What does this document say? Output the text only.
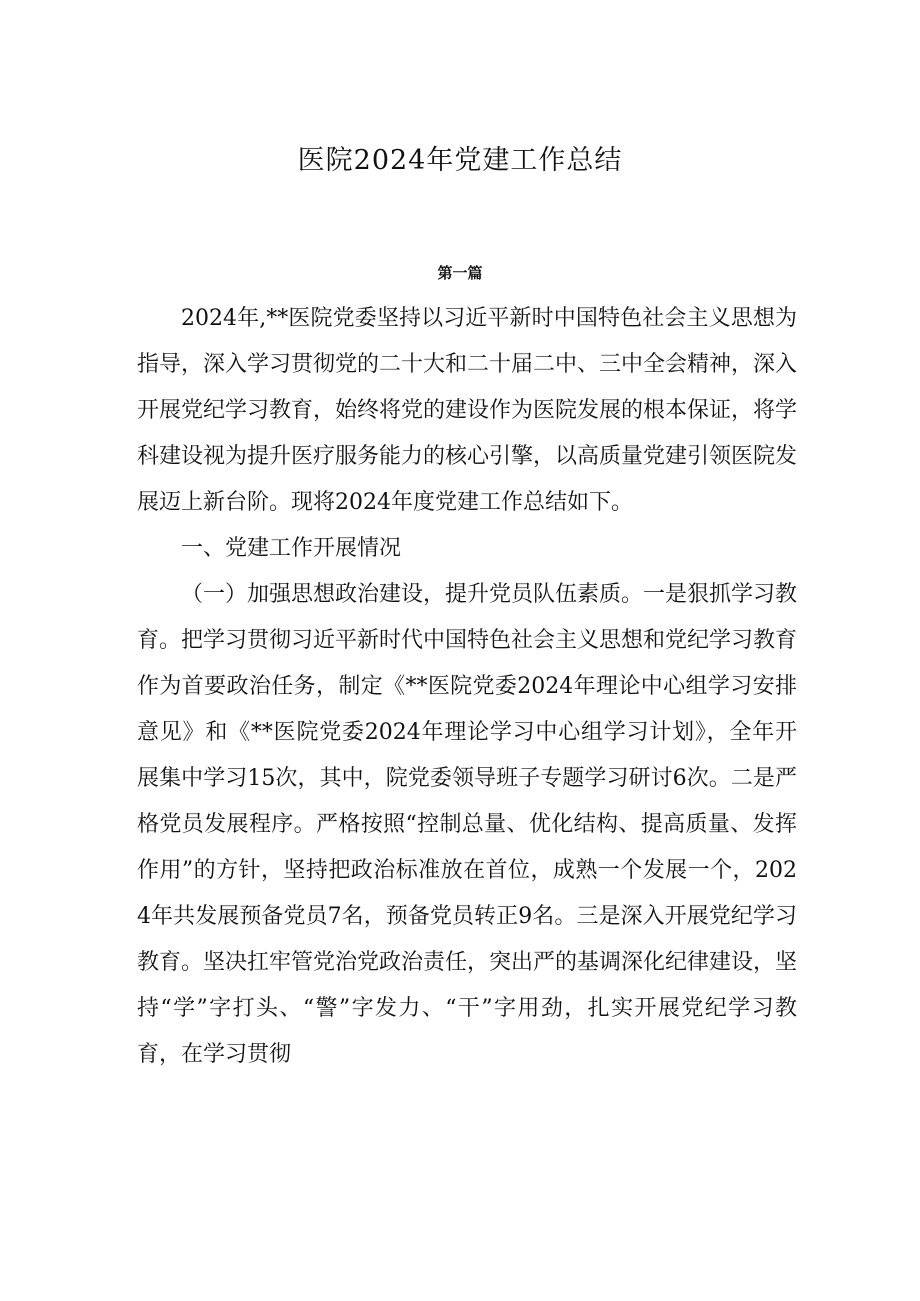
医院2024年党建工作总结
第一篇

2024年,**医院党委坚持以习近平新时中国特色社会主义思想为指导，深入学习贯彻党的二十大和二十届二中、三中全会精神，深入开展党纪学习教育，始终将党的建设作为医院发展的根本保证，将学科建设视为提升医疗服务能力的核心引擎，以高质量党建引领医院发展迈上新台阶。现将2024年度党建工作总结如下。

一、党建工作开展情况

（一）加强思想政治建设，提升党员队伍素质。一是狠抓学习教育。把学习贯彻习近平新时代中国特色社会主义思想和党纪学习教育作为首要政治任务，制定《**医院党委2024年理论中心组学习安排意见》和《**医院党委2024年理论学习中心组学习计划》，全年开展集中学习15次，其中，院党委领导班子专题学习研讨6次。二是严格党员发展程序。严格按照“控制总量、优化结构、提高质量、发挥作用”的方针，坚持把政治标准放在首位，成熟一个发展一个，2024年共发展预备党员7名，预备党员转正9名。三是深入开展党纪学习教育。坚决扛牢管党治党政治责任，突出严的基调深化纪律建设，坚持“学”字打头、“警”字发力、“干”字用劲，扎实开展党纪学习教育，在学习贯彻
